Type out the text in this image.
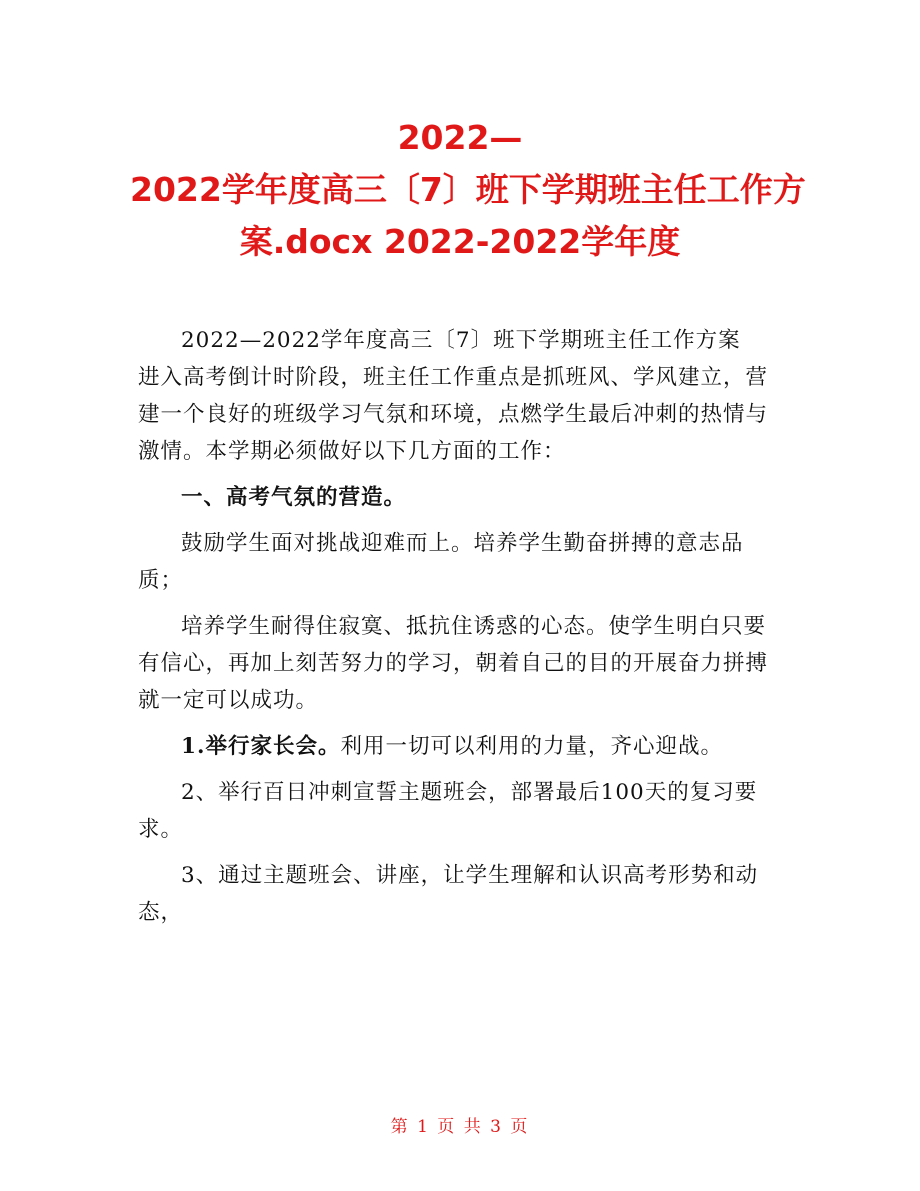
2022—
2022学年度高三〔7〕班下学期班主任工作方
案.docx 2022-2022学年度

2022—2022学年度高三〔7〕班下学期班主任工作方案

进入高考倒计时阶段，班主任工作重点是抓班风、学风建立，营建一个良好的班级学习气氛和环境，点燃学生最后冲刺的热情与激情。本学期必须做好以下几方面的工作：

一、高考气氛的营造。

鼓励学生面对挑战迎难而上。培养学生勤奋拼搏的意志品质；

培养学生耐得住寂寞、抵抗住诱惑的心态。使学生明白只要有信心，再加上刻苦努力的学习，朝着自己的目的开展奋力拼搏就一定可以成功。

1.举行家长会。利用一切可以利用的力量，齐心迎战。

2、举行百日冲刺宣誓主题班会，部署最后100天的复习要求。

3、通过主题班会、讲座，让学生理解和认识高考形势和动态，

第 1 页 共 3 页
